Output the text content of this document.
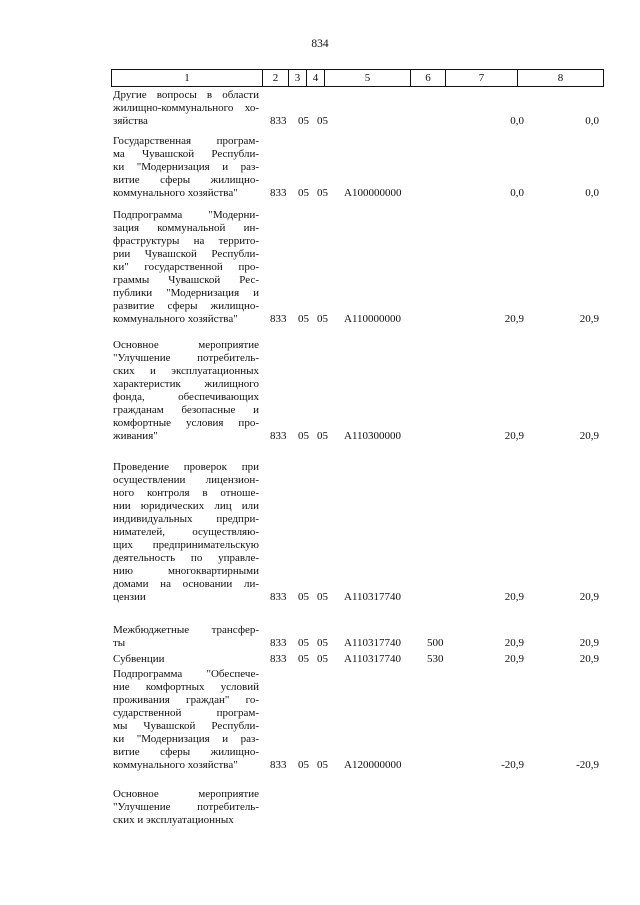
834
1	2	3	4	5	6	7	8
Другие вопросы в области
жилищно-коммунального хо-
зяйства	833 05 05	0,0	0,0
Государственная програм-
ма Чувашской Республи-
ки "Модернизация и раз-
витие сферы жилищно-
коммунального хозяйства"	833 05 05 А100000000	0,0	0,0
Подпрограмма "Модерни-
зация коммунальной ин-
фраструктуры на террито-
рии Чувашской Республи-
ки" государственной про-
граммы Чувашской Рес-
публики "Модернизация и
развитие сферы жилищно-
коммунального хозяйства"	833 05 05 А110000000	20,9	20,9
Основное мероприятие
"Улучшение потребитель-
ских и эксплуатационных
характеристик жилищного
фонда, обеспечивающих
гражданам безопасные и
комфортные условия про-
живания"	833 05 05 А110300000	20,9	20,9
Проведение проверок при
осуществлении лицензион-
ного контроля в отноше-
нии юридических лиц или
индивидуальных предпри-
нимателей, осуществляю-
щих предпринимательскую
деятельность по управле-
нию многоквартирными
домами на основании ли-
цензии	833 05 05 А110317740	20,9	20,9
Межбюджетные трансфер-
ты	833 05 05 А110317740 500	20,9	20,9
Субвенции	833 05 05 А110317740 530	20,9	20,9
Подпрограмма "Обеспече-
ние комфортных условий
проживания граждан" го-
сударственной програм-
мы Чувашской Республи-
ки "Модернизация и раз-
витие сферы жилищно-
коммунального хозяйства"	833 05 05 А120000000	-20,9	-20,9
Основное мероприятие
"Улучшение потребитель-
ских и эксплуатационных
